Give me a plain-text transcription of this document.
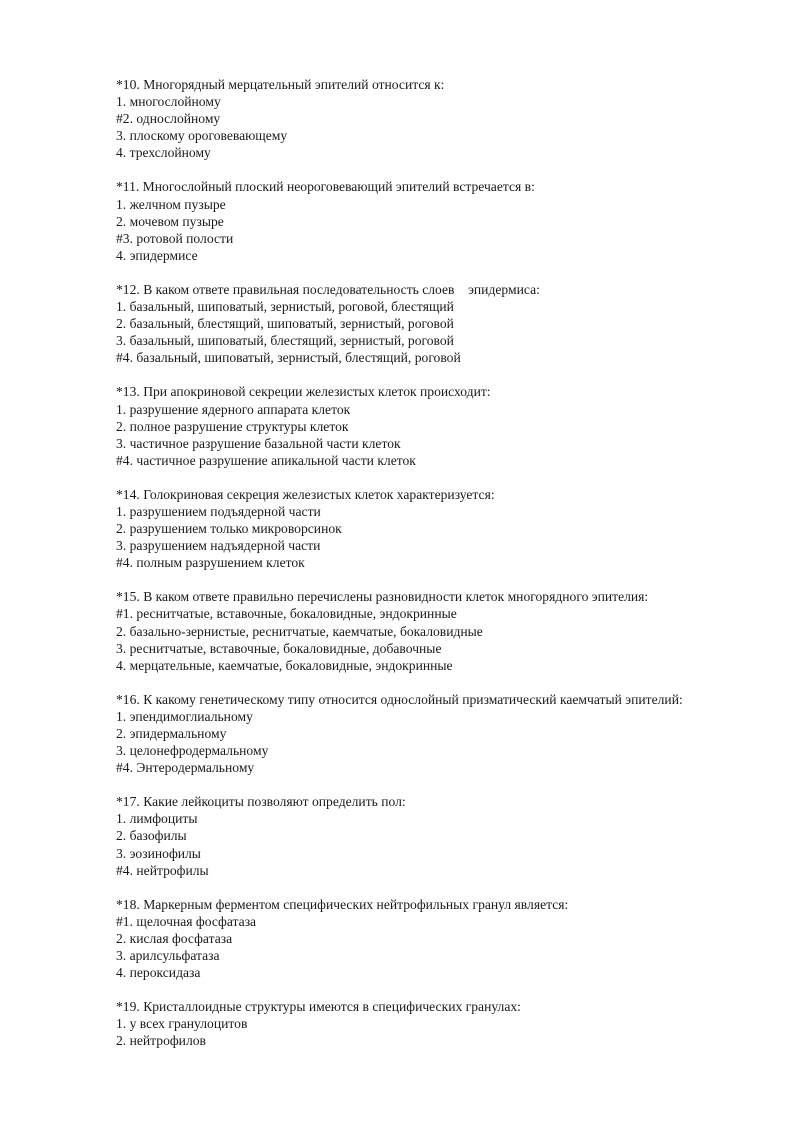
*10. Многорядный мерцательный эпителий относится к:
1. многослойному
#2. однослойному
3. плоскому ороговевающему
4. трехслойному
*11. Многослойный плоский неороговевающий эпителий встречается в:
1. желчном пузыре
2. мочевом пузыре
#3. ротовой полости
4. эпидермисе
*12. В каком ответе правильная последовательность слоев    эпидермиса:
1. базальный, шиповатый, зернистый, роговой, блестящий
2. базальный, блестящий, шиповатый, зернистый, роговой
3. базальный, шиповатый, блестящий, зернистый, роговой
#4. базальный, шиповатый, зернистый, блестящий, роговой
*13. При апокриновой секреции железистых клеток происходит:
1. разрушение ядерного аппарата клеток
2. полное разрушение структуры клеток
3. частичное разрушение базальной части клеток
#4. частичное разрушение апикальной части клеток
*14. Голокриновая секреция железистых клеток характеризуется:
1. разрушением подъядерной части
2. разрушением только микроворсинок
3. разрушением надъядерной части
#4. полным разрушением клеток
*15. В каком ответе правильно перечислены разновидности клеток многорядного эпителия:
#1. реснитчатые, вставочные, бокаловидные, эндокринные
2. базально-зернистые, реснитчатые, каемчатые, бокаловидные
3. реснитчатые, вставочные, бокаловидные, добавочные
4. мерцательные, каемчатые, бокаловидные, эндокринные
*16. К какому генетическому типу относится однослойный призматический каемчатый эпителий:
1. эпендимоглиальному
2. эпидермальному
3. целонефродермальному
#4. Энтеродермальному
*17. Какие лейкоциты позволяют определить пол:
1. лимфоциты
2. базофилы
3. эозинофилы
#4. нейтрофилы
*18. Маркерным ферментом специфических нейтрофильных гранул является:
#1. щелочная фосфатаза
2. кислая фосфатаза
3. арилсульфатаза
4. пероксидаза
*19. Кристаллоидные структуры имеются в специфических гранулах:
1. у всех гранулоцитов
2. нейтрофилов
